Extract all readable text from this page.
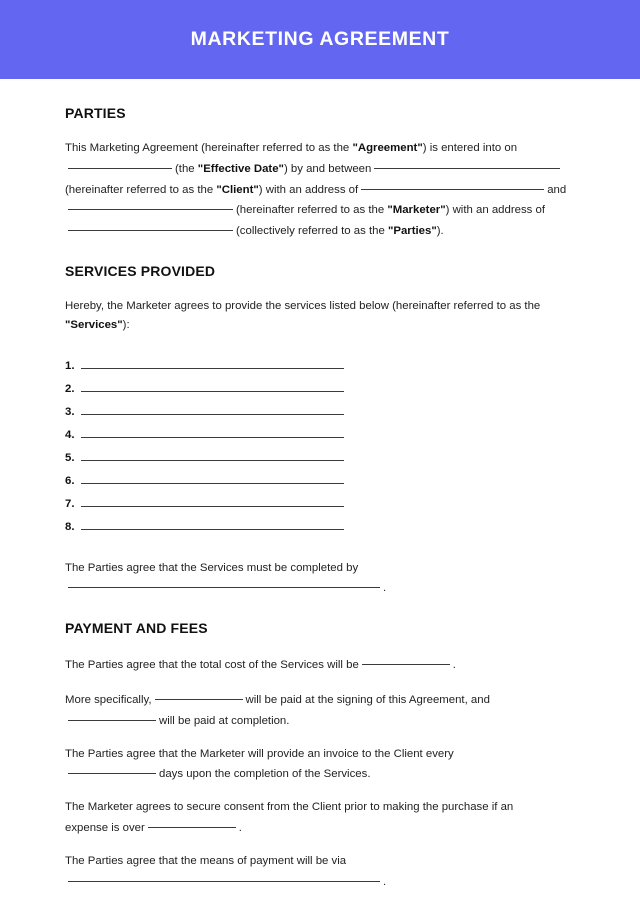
MARKETING AGREEMENT
PARTIES

This Marketing Agreement (hereinafter referred to as the "Agreement") is entered into on
(the "Effective Date") by and between
(hereinafter referred to as the "Client") with an address of	and
(hereinafter referred to as the "Marketer") with an address of
(collectively referred to as the "Parties").

SERVICES PROVIDED

Hereby, the Marketer agrees to provide the services listed below (hereinafter referred to as the "Services"):

1.
2.
3.
4.
5.
6.
7.
8.

The Parties agree that the Services must be completed by
.

PAYMENT AND FEES

The Parties agree that the total cost of the Services will be	.

More specifically,	will be paid at the signing of this Agreement, and
will be paid at completion.

The Parties agree that the Marketer will provide an invoice to the Client every
days upon the completion of the Services.

The Marketer agrees to secure consent from the Client prior to making the purchase if an
expense is over	.

The Parties agree that the means of payment will be via
.
